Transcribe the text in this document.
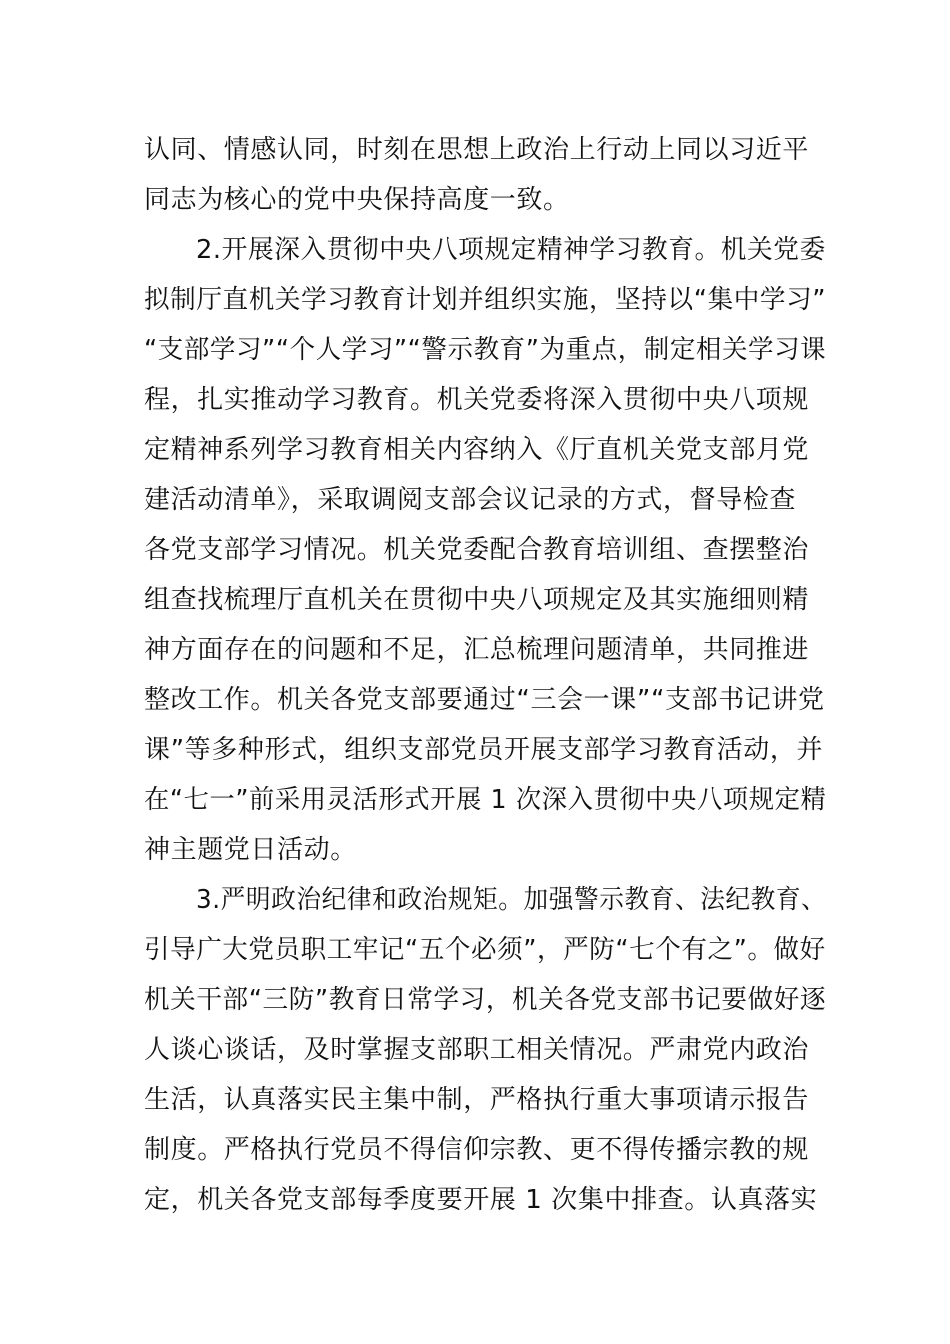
认同、情感认同，时刻在思想上政治上行动上同以习近平
同志为核心的党中央保持高度一致。
2.开展深入贯彻中央八项规定精神学习教育。机关党委
拟制厅直机关学习教育计划并组织实施，坚持以“集中学习”
“支部学习”“个人学习”“警示教育”为重点，制定相关学习课
程，扎实推动学习教育。机关党委将深入贯彻中央八项规
定精神系列学习教育相关内容纳入《厅直机关党支部月党
建活动清单》，采取调阅支部会议记录的方式，督导检查
各党支部学习情况。机关党委配合教育培训组、查摆整治
组查找梳理厅直机关在贯彻中央八项规定及其实施细则精
神方面存在的问题和不足，汇总梳理问题清单，共同推进
整改工作。机关各党支部要通过“三会一课”“支部书记讲党
课”等多种形式，组织支部党员开展支部学习教育活动，并
在“七一”前采用灵活形式开展 1 次深入贯彻中央八项规定精
神主题党日活动。
3.严明政治纪律和政治规矩。加强警示教育、法纪教育、
引导广大党员职工牢记“五个必须”，严防“七个有之”。做好
机关干部“三防”教育日常学习，机关各党支部书记要做好逐
人谈心谈话，及时掌握支部职工相关情况。严肃党内政治
生活，认真落实民主集中制，严格执行重大事项请示报告
制度。严格执行党员不得信仰宗教、更不得传播宗教的规
定，机关各党支部每季度要开展 1 次集中排查。认真落实
